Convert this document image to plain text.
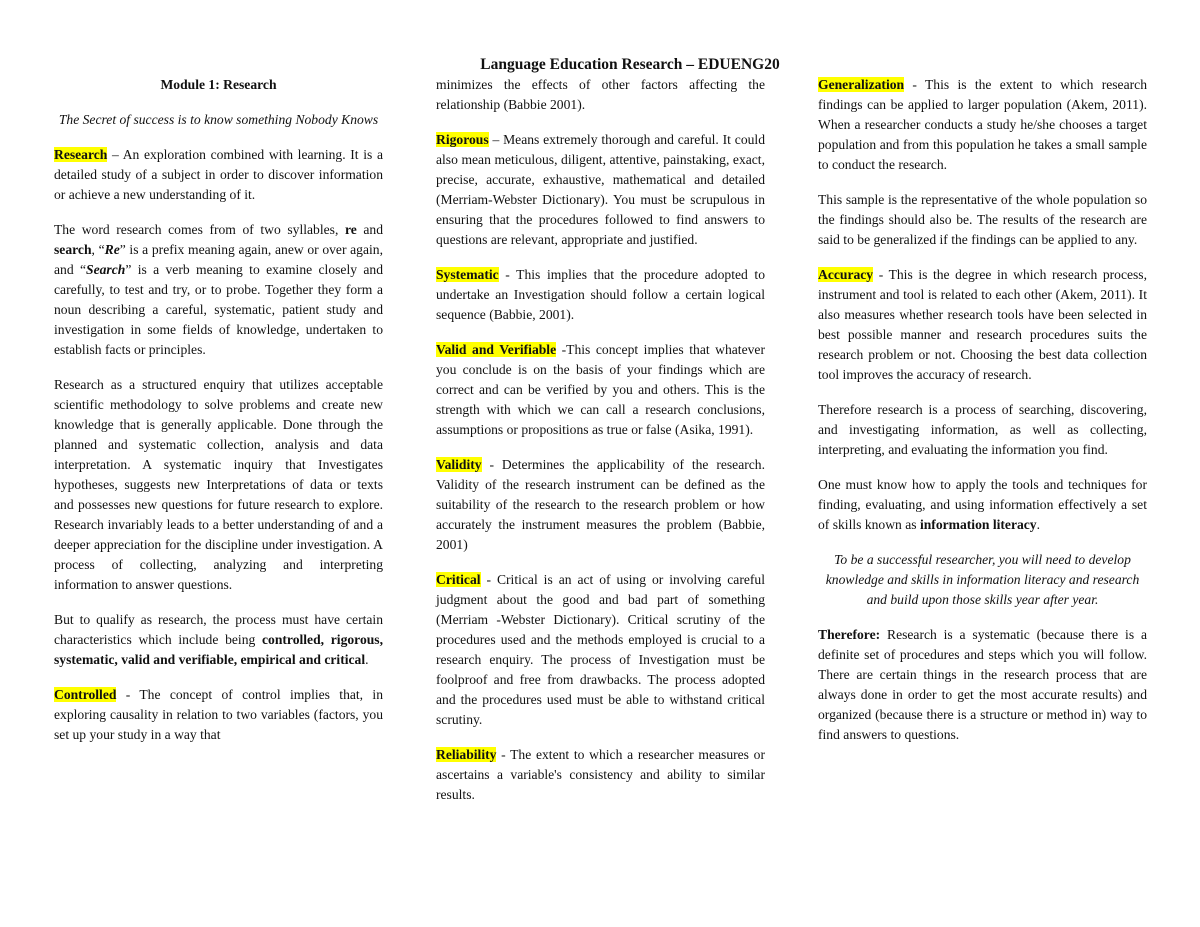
Language Education Research – EDUENG20

Module 1: Research

The Secret of success is to know something Nobody Knows

Research – An exploration combined with learning. It is a detailed study of a subject in order to discover information or achieve a new understanding of it.

The word research comes from of two syllables, re and search, “Re” is a prefix meaning again, anew or over again, and “Search” is a verb meaning to examine closely and carefully, to test and try, or to probe. Together they form a noun describing a careful, systematic, patient study and investigation in some fields of knowledge, undertaken to establish facts or principles.

Research as a structured enquiry that utilizes acceptable scientific methodology to solve problems and create new knowledge that is generally applicable. Done through the planned and systematic collection, analysis and data interpretation. A systematic inquiry that Investigates hypotheses, suggests new Interpretations of data or texts and possesses new questions for future research to explore. Research invariably leads to a better understanding of and a deeper appreciation for the discipline under investigation. A process of collecting, analyzing and interpreting information to answer questions.

But to qualify as research, the process must have certain characteristics which include being controlled, rigorous, systematic, valid and verifiable, empirical and critical.

Controlled - The concept of control implies that, in exploring causality in relation to two variables (factors, you set up your study in a way that

minimizes the effects of other factors affecting the relationship (Babbie 2001).

Rigorous – Means extremely thorough and careful. It could also mean meticulous, diligent, attentive, painstaking, exact, precise, accurate, exhaustive, mathematical and detailed (Merriam-Webster Dictionary). You must be scrupulous in ensuring that the procedures followed to find answers to questions are relevant, appropriate and justified.

Systematic - This implies that the procedure adopted to undertake an Investigation should follow a certain logical sequence (Babbie, 2001).

Valid and Verifiable -This concept implies that whatever you conclude is on the basis of your findings which are correct and can be verified by you and others. This is the strength with which we can call a research conclusions, assumptions or propositions as true or false (Asika, 1991).

Validity - Determines the applicability of the research. Validity of the research instrument can be defined as the suitability of the research to the research problem or how accurately the instrument measures the problem (Babbie, 2001)

Critical - Critical is an act of using or involving careful judgment about the good and bad part of something (Merriam -Webster Dictionary). Critical scrutiny of the procedures used and the methods employed is crucial to a research enquiry. The process of Investigation must be foolproof and free from drawbacks. The process adopted and the procedures used must be able to withstand critical scrutiny.

Reliability - The extent to which a researcher measures or ascertains a variable's consistency and ability to similar results.

Generalization - This is the extent to which research findings can be applied to larger population (Akem, 2011). When a researcher conducts a study he/she chooses a target population and from this population he takes a small sample to conduct the research.

This sample is the representative of the whole population so the findings should also be. The results of the research are said to be generalized if the findings can be applied to any.

Accuracy - This is the degree in which research process, instrument and tool is related to each other (Akem, 2011). It also measures whether research tools have been selected in best possible manner and research procedures suits the research problem or not. Choosing the best data collection tool improves the accuracy of research.

Therefore research is a process of searching, discovering, and investigating information, as well as collecting, interpreting, and evaluating the information you find.

One must know how to apply the tools and techniques for finding, evaluating, and using information effectively a set of skills known as information literacy.

To be a successful researcher, you will need to develop knowledge and skills in information literacy and research and build upon those skills year after year.

Therefore: Research is a systematic (because there is a definite set of procedures and steps which you will follow. There are certain things in the research process that are always done in order to get the most accurate results) and organized (because there is a structure or method in) way to find answers to questions.
